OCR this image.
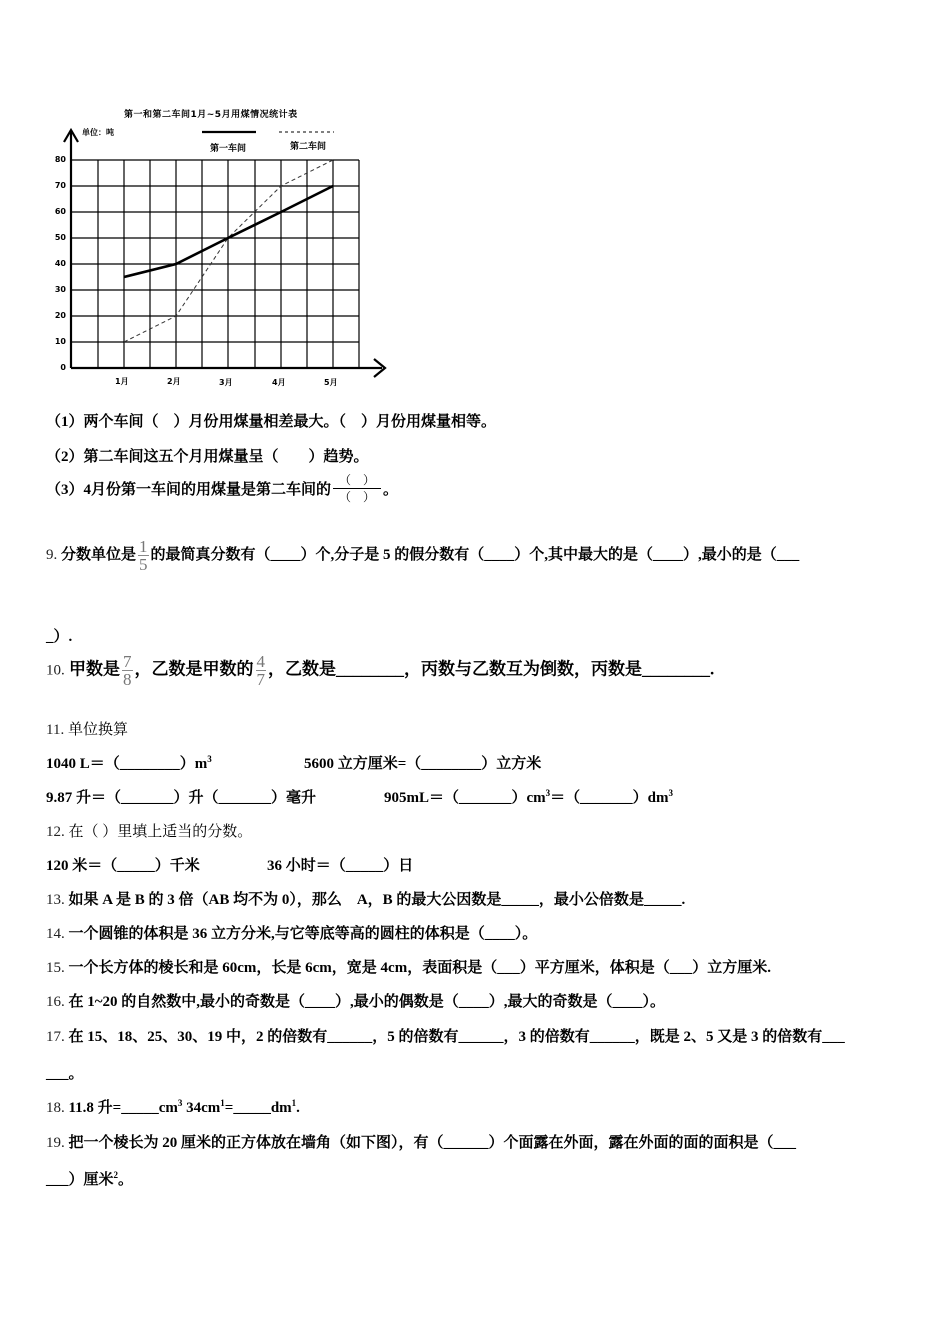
第一和第二车间1月~5月用煤情况统计表
单位：吨
第一车间	第二车间
0
10
20
30
40
50
60
70
80
1月	2月	3月	4月	5月
（1）两个车间（　）月份用煤量相差最大。（　）月份用煤量相等。
（2）第二车间这五个月用煤量呈（　　）趋势。
（3）4月份第一车间的用煤量是第二车间的 $\frac{( )}{( )}$ 。
9. 分数单位是 $\frac{1}{5}$ 的最简真分数有（____）个,分子是 5 的假分数有（____）个,其中最大的是（____）,最小的是（___
_）.
10. 甲数是 $\frac{7}{8}$ ，乙数是甲数的 $\frac{4}{7}$ ，乙数是________，丙数与乙数互为倒数，丙数是________.
11. 单位换算
1040 $L=(\_\_\_\_\_\_\_\_)m^3$	5600 立方厘米=（________）立方米
9.87 升＝（_______）升（_______）毫升	$905mL=(\_\_\_\_\_\_\_)cm^3=(\_\_\_\_\_\_\_)dm^3$
12. 在（ ）里填上适当的分数。
120 米＝（_____）千米	36 小时＝（_____）日
13. 如果 A 是 B 的 3 倍（AB 均不为 0），那么　A，B 的最大公因数是_____，最小公倍数是_____.
14. 一个圆锥的体积是 36 立方分米,与它等底等高的圆柱的体积是（____）。
15. 一个长方体的棱长和是 60cm，长是 6cm，宽是 4cm，表面积是（___）平方厘米，体积是（___）立方厘米.
16. 在 1~20 的自然数中,最小的奇数是（____）,最小的偶数是（____）,最大的奇数是（____）。
17. 在 15、18、25、30、19 中，2 的倍数有______，5 的倍数有______，3 的倍数有______，既是 2、5 又是 3 的倍数有___
___。
18. 11.8 升$=\_\_\_\_\_cm^3$ $34cm^1=\_\_\_\_\_dm^1$.
19. 把一个棱长为 20 厘米的正方体放在墙角（如下图），有（______）个面露在外面，露在外面的面的面积是（___
___）厘米$^2$。
